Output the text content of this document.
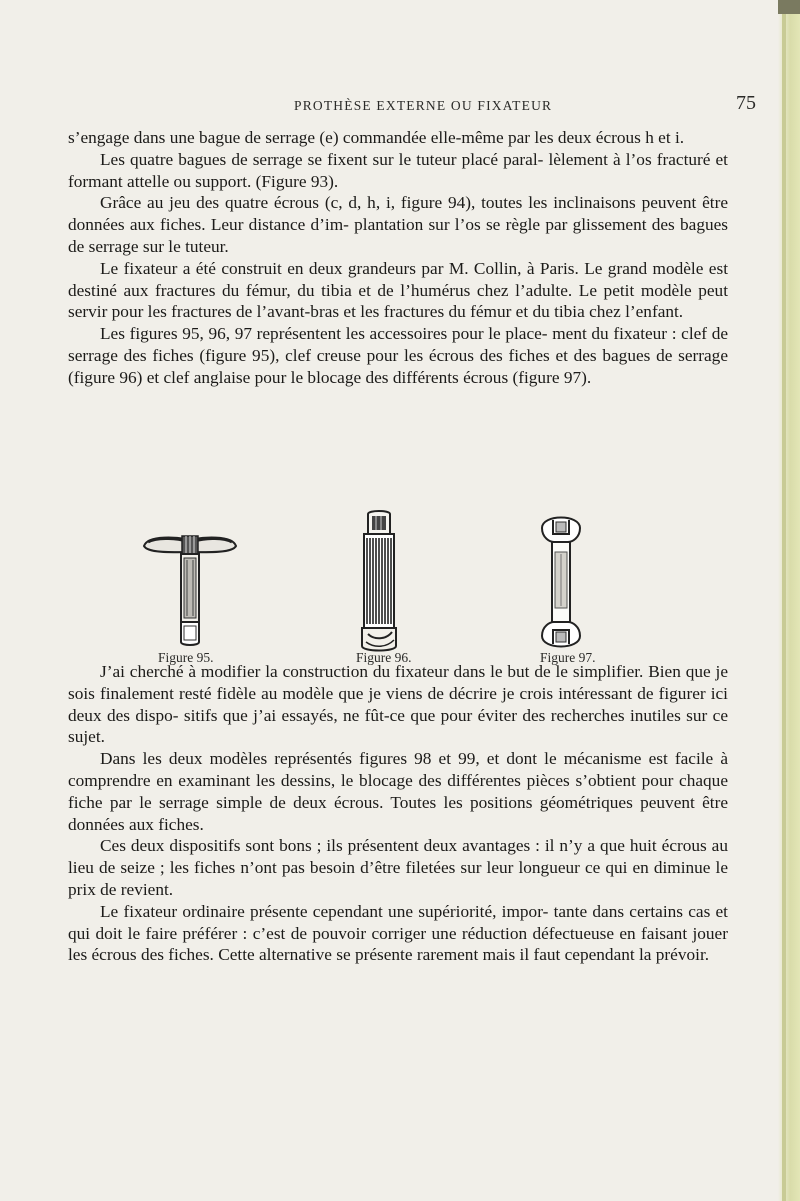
PROTHÈSE EXTERNE OU FIXATEUR	75

s’engage dans une bague de serrage (e) commandée elle-même par les deux écrous h et i.

Les quatre bagues de serrage se fixent sur le tuteur placé paral- lèlement à l’os fracturé et formant attelle ou support. (Figure 93).

Grâce au jeu des quatre écrous (c, d, h, i, figure 94), toutes les inclinaisons peuvent être données aux fiches. Leur distance d’im- plantation sur l’os se règle par glissement des bagues de serrage sur le tuteur.

Le fixateur a été construit en deux grandeurs par M. Collin, à Paris. Le grand modèle est destiné aux fractures du fémur, du tibia et de l’humérus chez l’adulte. Le petit modèle peut servir pour les fractures de l’avant-bras et les fractures du fémur et du tibia chez l’enfant.

Les figures 95, 96, 97 représentent les accessoires pour le place- ment du fixateur : clef de serrage des fiches (figure 95), clef creuse pour les écrous des fiches et des bagues de serrage (figure 96) et clef anglaise pour le blocage des différents écrous (figure 97).

Figure 95.	Figure 96.	Figure 97.

J’ai cherché à modifier la construction du fixateur dans le but de le simplifier. Bien que je sois finalement resté fidèle au modèle que je viens de décrire je crois intéressant de figurer ici deux des dispo- sitifs que j’ai essayés, ne fût-ce que pour éviter des recherches inutiles sur ce sujet.

Dans les deux modèles représentés figures 98 et 99, et dont le mécanisme est facile à comprendre en examinant les dessins, le blocage des différentes pièces s’obtient pour chaque fiche par le serrage simple de deux écrous. Toutes les positions géométriques peuvent être données aux fiches.

Ces deux dispositifs sont bons ; ils présentent deux avantages : il n’y a que huit écrous au lieu de seize ; les fiches n’ont pas besoin d’être filetées sur leur longueur ce qui en diminue le prix de revient.

Le fixateur ordinaire présente cependant une supériorité, impor- tante dans certains cas et qui doit le faire préférer : c’est de pouvoir corriger une réduction défectueuse en faisant jouer les écrous des fiches. Cette alternative se présente rarement mais il faut cependant la prévoir.
